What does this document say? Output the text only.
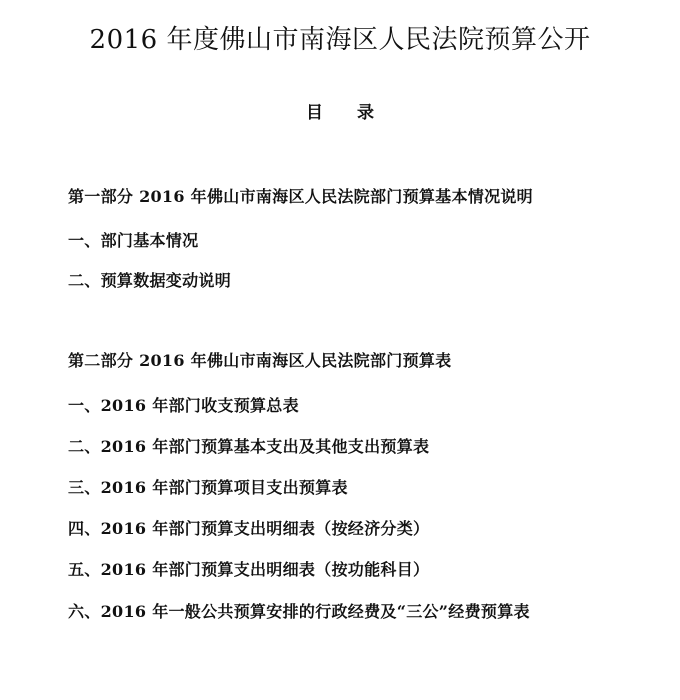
2016 年度佛山市南海区人民法院预算公开
目录
第一部分 2016 年佛山市南海区人民法院部门预算基本情况说明
一、部门基本情况
二、预算数据变动说明
第二部分 2016 年佛山市南海区人民法院部门预算表
一、2016 年部门收支预算总表
二、2016 年部门预算基本支出及其他支出预算表
三、2016 年部门预算项目支出预算表
四、2016 年部门预算支出明细表（按经济分类）
五、2016 年部门预算支出明细表（按功能科目）
六、2016 年一般公共预算安排的行政经费及“三公”经费预算表
